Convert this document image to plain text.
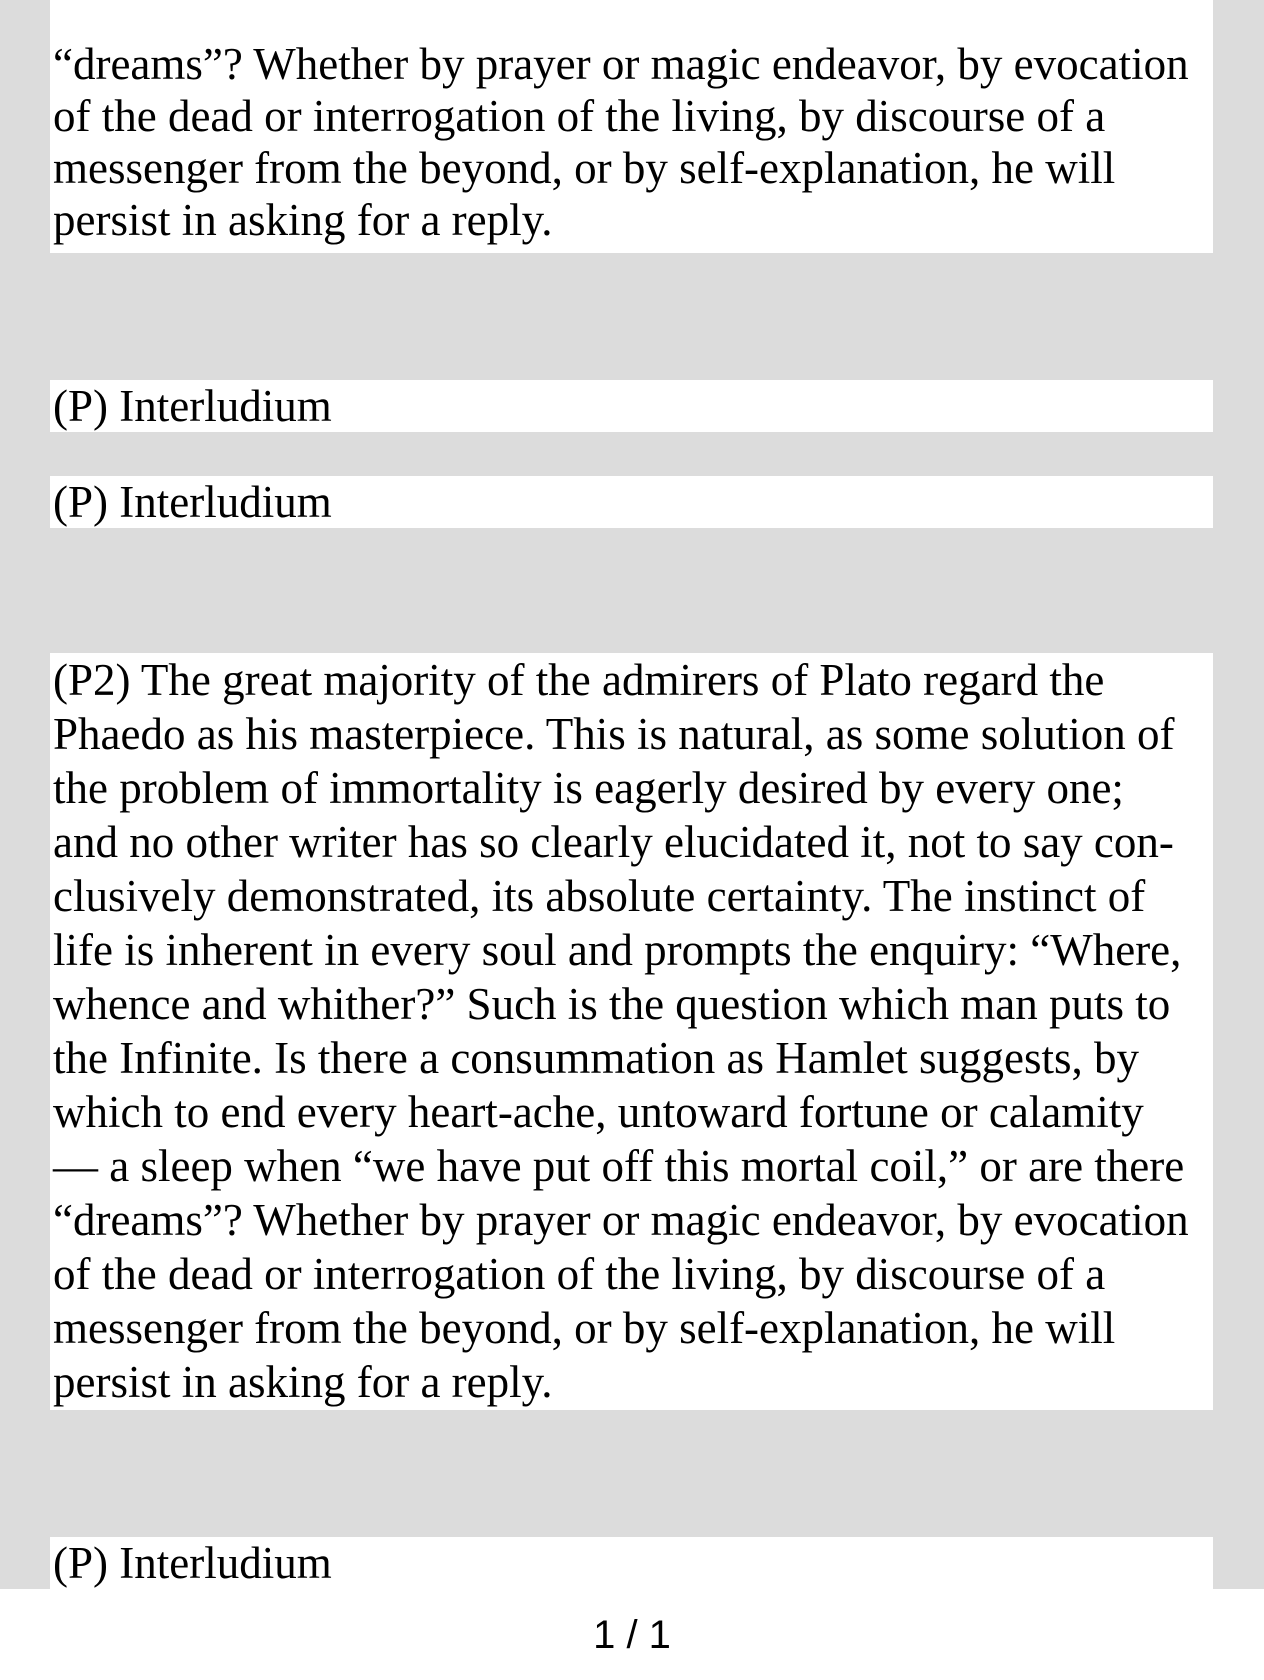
“dreams”? Whether by prayer or magic endeavor, by evocation
of the dead or interrogation of the living, by discourse of a
messenger from the beyond, or by self-explanation, he will
persist in asking for a reply.
(P) Interludium
(P) Interludium
(P2) The great majority of the admirers of Plato regard the
Phaedo as his masterpiece. This is natural, as some solution of
the problem of immortality is eagerly desired by every one;
and no other writer has so clearly elucidated it, not to say con-
clusively demonstrated, its absolute certainty. The instinct of
life is inherent in every soul and prompts the enquiry: “Where,
whence and whither?” Such is the question which man puts to
the Infinite. Is there a consummation as Hamlet suggests, by
which to end every heart-ache, untoward fortune or calamity
— a sleep when “we have put off this mortal coil,” or are there
“dreams”? Whether by prayer or magic endeavor, by evocation
of the dead or interrogation of the living, by discourse of a
messenger from the beyond, or by self-explanation, he will
persist in asking for a reply.
(P) Interludium
1 / 1
